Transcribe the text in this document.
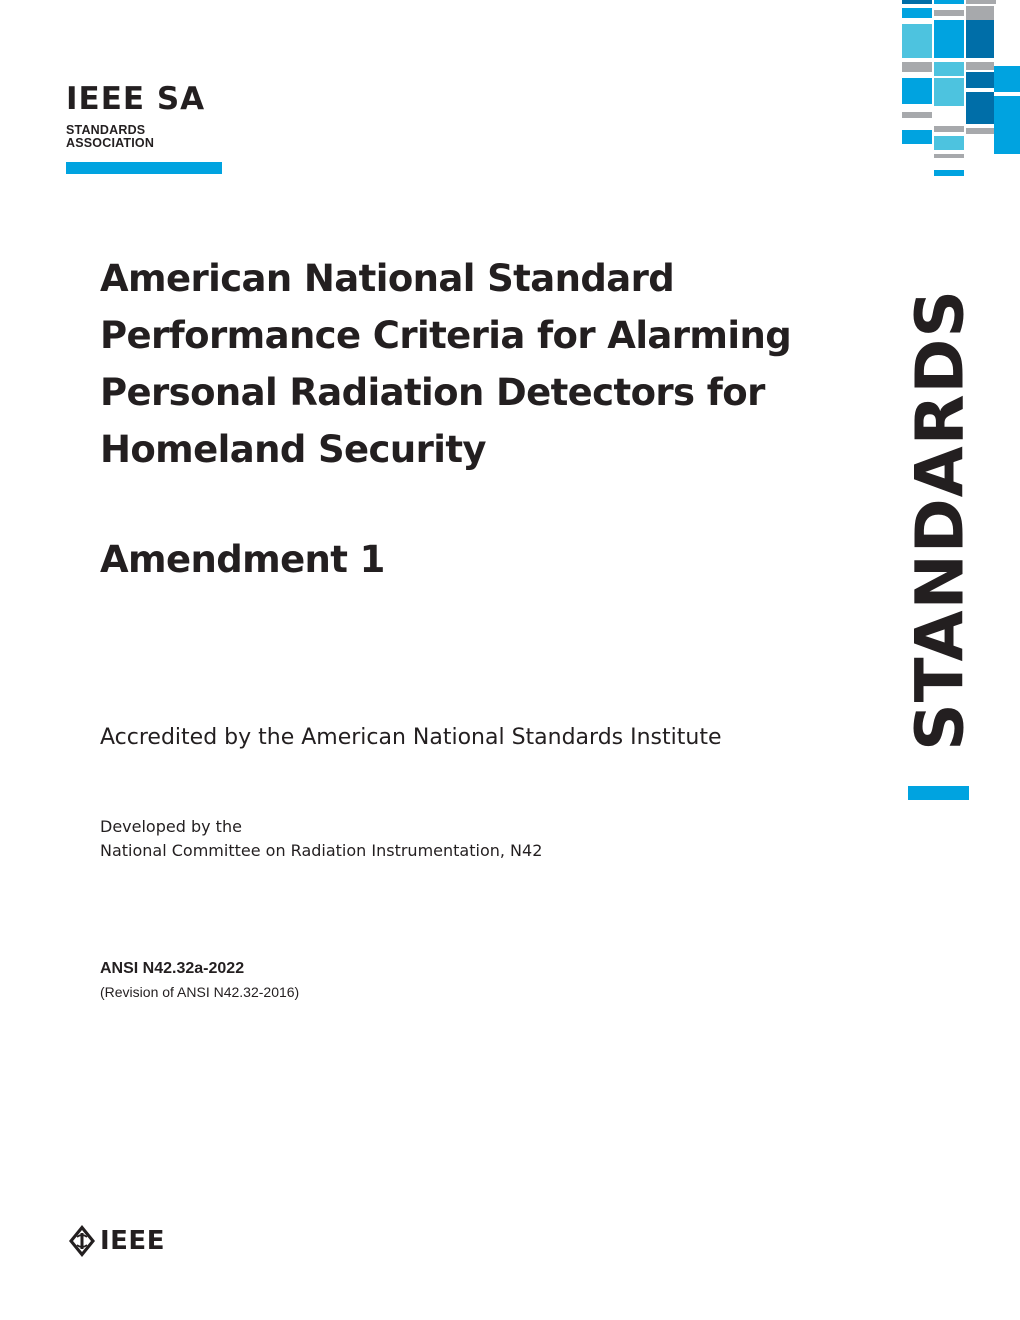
IEEE SA
STANDARDS
ASSOCIATION
American National Standard
Performance Criteria for Alarming
Personal Radiation Detectors for
Homeland Security
Amendment 1
Accredited by the American National Standards Institute
Developed by the
National Committee on Radiation Instrumentation, N42
ANSI N42.32a-2022
(Revision of ANSI N42.32-2016)
STANDARDS
IEEE
